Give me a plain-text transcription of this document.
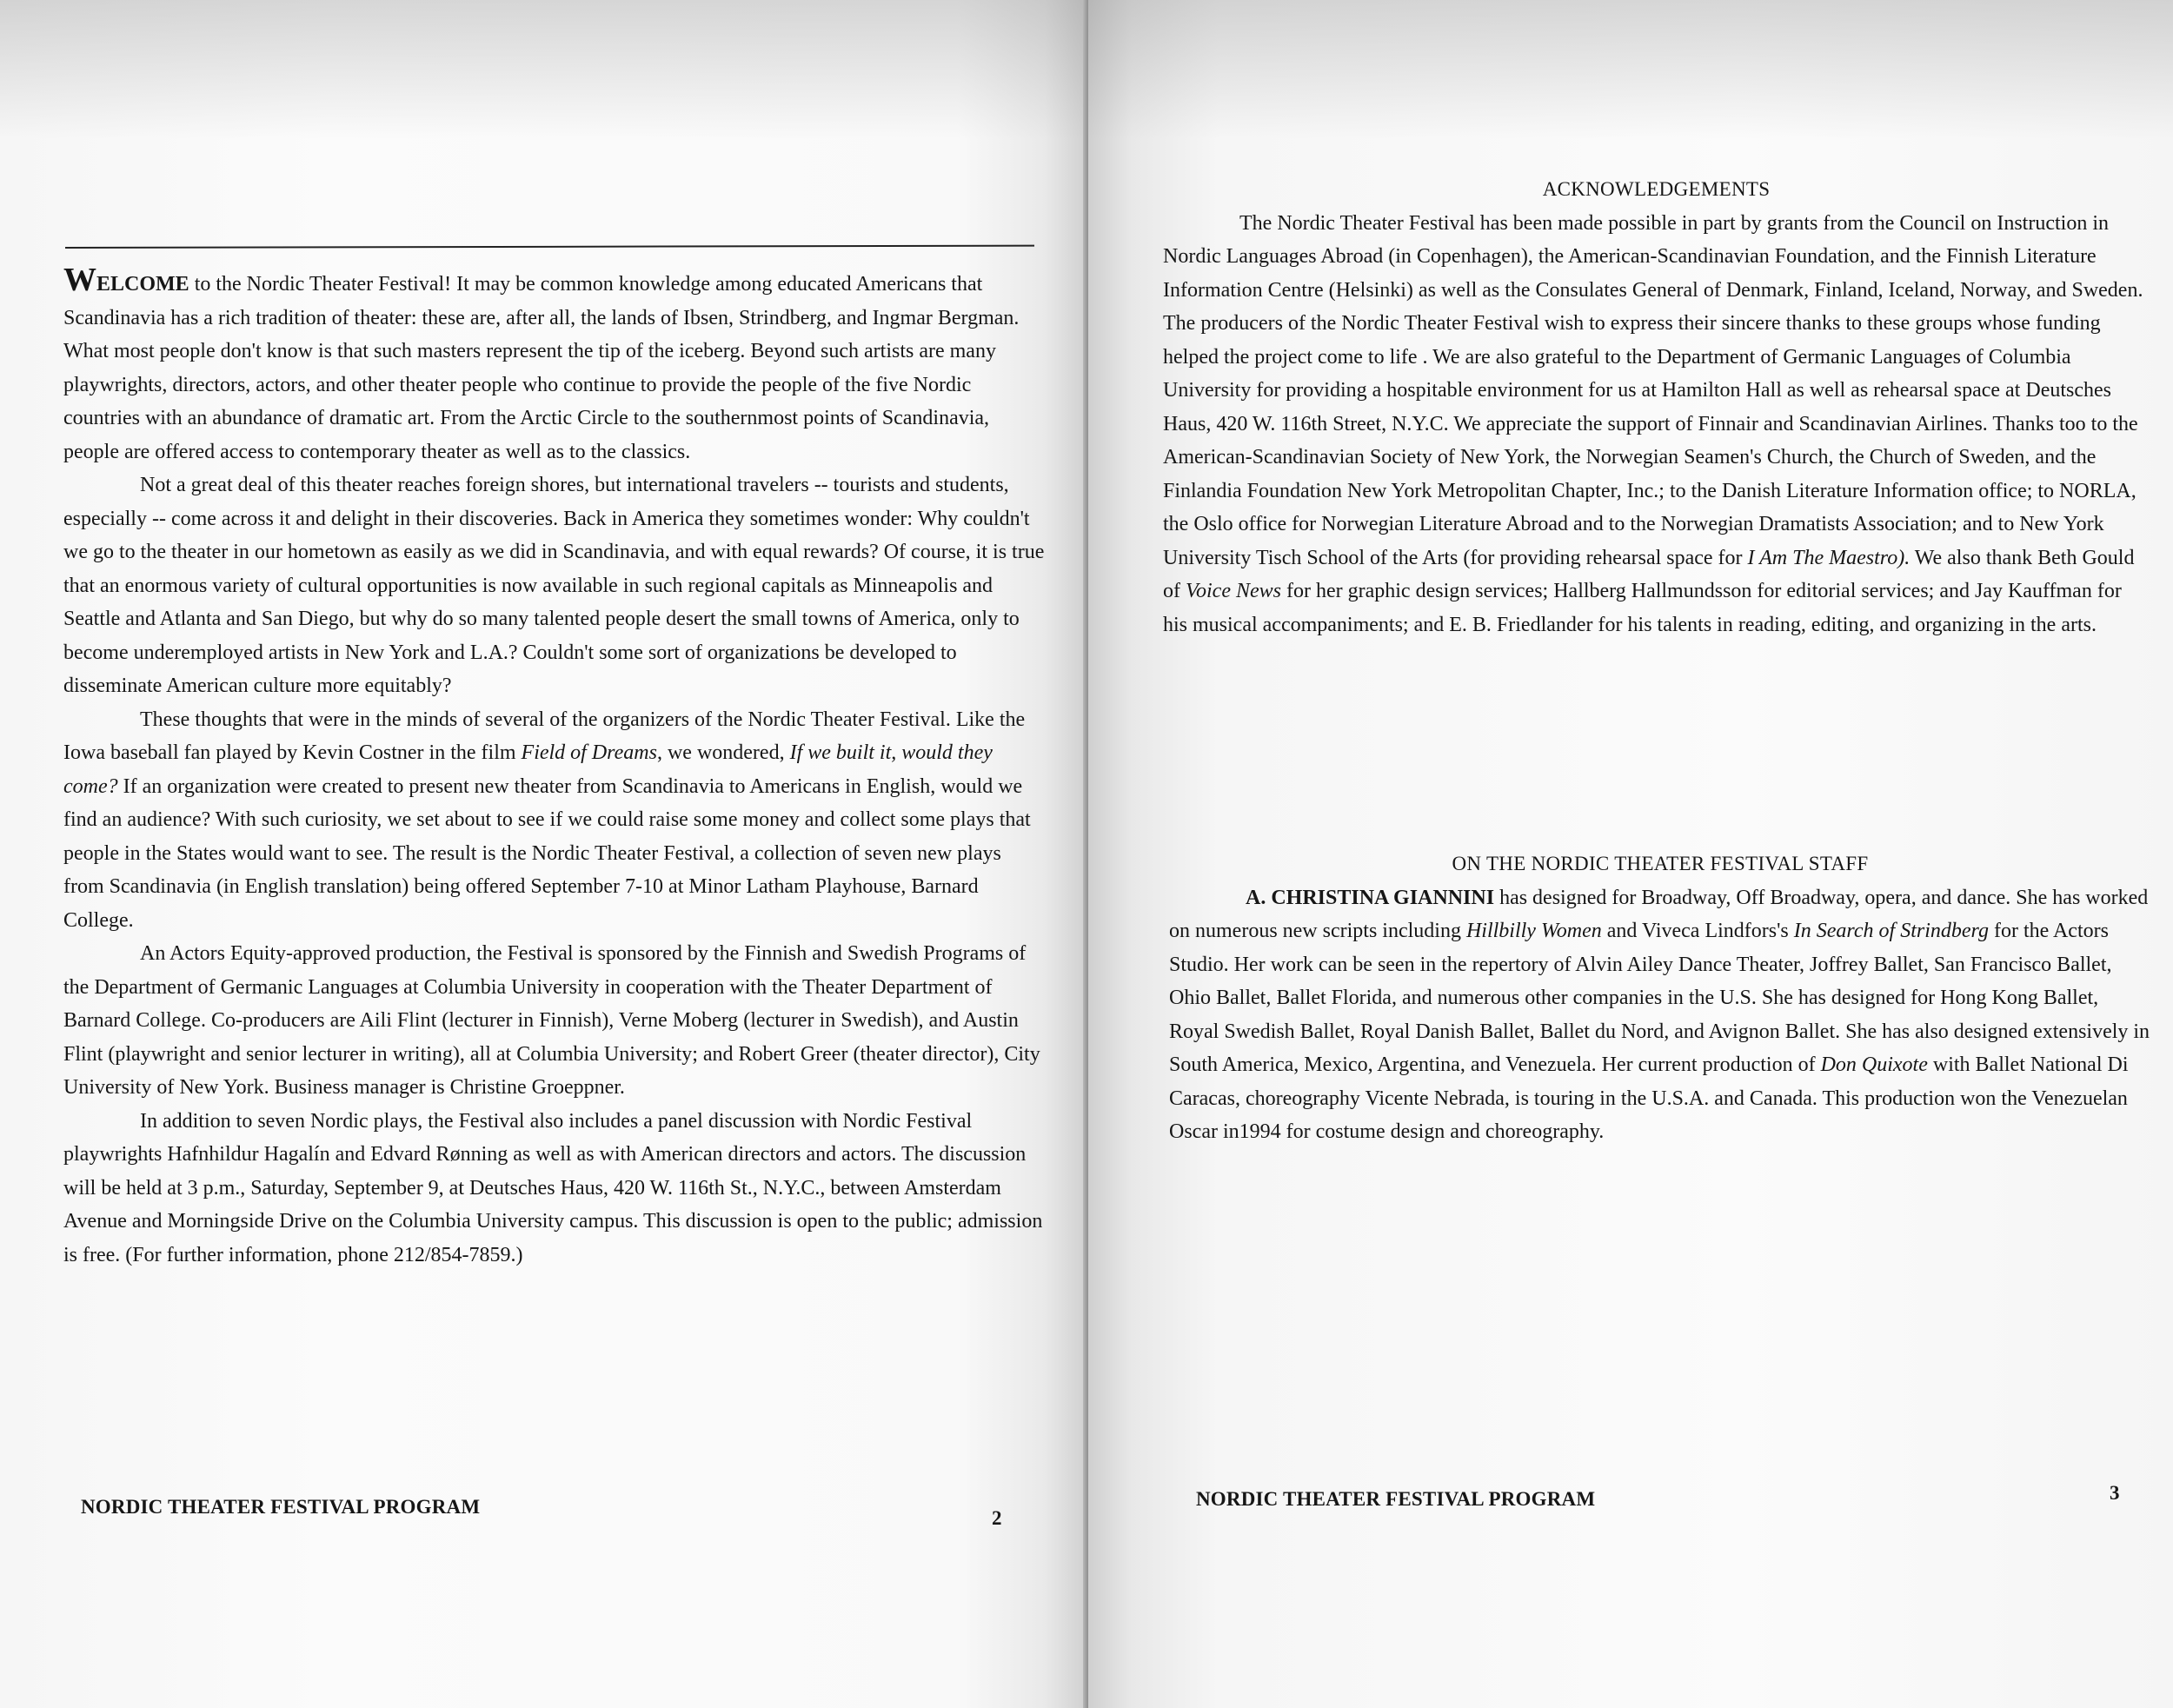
WELCOME to the Nordic Theater Festival! It may be common knowledge among educated Americans that Scandinavia has a rich tradition of theater: these are, after all, the lands of Ibsen, Strindberg, and Ingmar Bergman. What most people don't know is that such masters represent the tip of the iceberg. Beyond such artists are many playwrights, directors, actors, and other theater people who continue to provide the people of the five Nordic countries with an abundance of dramatic art. From the Arctic Circle to the southernmost points of Scandinavia, people are offered access to contemporary theater as well as to the classics.

Not a great deal of this theater reaches foreign shores, but international travelers -- tourists and students, especially -- come across it and delight in their discoveries. Back in America they sometimes wonder: Why couldn't we go to the theater in our hometown as easily as we did in Scandinavia, and with equal rewards? Of course, it is true that an enormous variety of cultural opportunities is now available in such regional capitals as Minneapolis and Seattle and Atlanta and San Diego, but why do so many talented people desert the small towns of America, only to become underemployed artists in New York and L.A.? Couldn't some sort of organizations be developed to disseminate American culture more equitably?

These thoughts that were in the minds of several of the organizers of the Nordic Theater Festival. Like the Iowa baseball fan played by Kevin Costner in the film Field of Dreams, we wondered, If we built it, would they come? If an organization were created to present new theater from Scandinavia to Americans in English, would we find an audience? With such curiosity, we set about to see if we could raise some money and collect some plays that people in the States would want to see. The result is the Nordic Theater Festival, a collection of seven new plays from Scandinavia (in English translation) being offered September 7-10 at Minor Latham Playhouse, Barnard College.

An Actors Equity-approved production, the Festival is sponsored by the Finnish and Swedish Programs of the Department of Germanic Languages at Columbia University in cooperation with the Theater Department of Barnard College. Co-producers are Aili Flint (lecturer in Finnish), Verne Moberg (lecturer in Swedish), and Austin Flint (playwright and senior lecturer in writing), all at Columbia University; and Robert Greer (theater director), City University of New York. Business manager is Christine Groeppner.

In addition to seven Nordic plays, the Festival also includes a panel discussion with Nordic Festival playwrights Hafnhildur Hagalín and Edvard Rønning as well as with American directors and actors. The discussion will be held at 3 p.m., Saturday, September 9, at Deutsches Haus, 420 W. 116th St., N.Y.C., between Amsterdam Avenue and Morningside Drive on the Columbia University campus. This discussion is open to the public; admission is free. (For further information, phone 212/854-7859.)

NORDIC THEATER FESTIVAL PROGRAM
2
NORDIC THEATER FESTIVAL PROGRAM	3

ACKNOWLEDGEMENTS

The Nordic Theater Festival has been made possible in part by grants from the Council on Instruction in Nordic Languages Abroad (in Copenhagen), the American-Scandinavian Foundation, and the Finnish Literature Information Centre (Helsinki) as well as the Consulates General of Denmark, Finland, Iceland, Norway, and Sweden. The producers of the Nordic Theater Festival wish to express their sincere thanks to these groups whose funding helped the project come to life . We are also grateful to the Department of Germanic Languages of Columbia University for providing a hospitable environment for us at Hamilton Hall as well as rehearsal space at Deutsches Haus, 420 W. 116th Street, N.Y.C. We appreciate the support of Finnair and Scandinavian Airlines. Thanks too to the American-Scandinavian Society of New York, the Norwegian Seamen's Church, the Church of Sweden, and the Finlandia Foundation New York Metropolitan Chapter, Inc.; to the Danish Literature Information office; to NORLA, the Oslo office for Norwegian Literature Abroad and to the Norwegian Dramatists Association; and to New York University Tisch School of the Arts (for providing rehearsal space for I Am The Maestro). We also thank Beth Gould of Voice News for her graphic design services; Hallberg Hallmundsson for editorial services; and Jay Kauffman for his musical accompaniments; and E. B. Friedlander for his talents in reading, editing, and organizing in the arts.

ON THE NORDIC THEATER FESTIVAL STAFF

A. CHRISTINA GIANNINI has designed for Broadway, Off Broadway, opera, and dance. She has worked on numerous new scripts including Hillbilly Women and Viveca Lindfors's In Search of Strindberg for the Actors Studio. Her work can be seen in the repertory of Alvin Ailey Dance Theater, Joffrey Ballet, San Francisco Ballet, Ohio Ballet, Ballet Florida, and numerous other companies in the U.S. She has designed for Hong Kong Ballet, Royal Swedish Ballet, Royal Danish Ballet, Ballet du Nord, and Avignon Ballet. She has also designed extensively in South America, Mexico, Argentina, and Venezuela. Her current production of Don Quixote with Ballet National Di Caracas, choreography Vicente Nebrada, is touring in the U.S.A. and Canada. This production won the Venezuelan Oscar in1994 for costume design and choreography.
